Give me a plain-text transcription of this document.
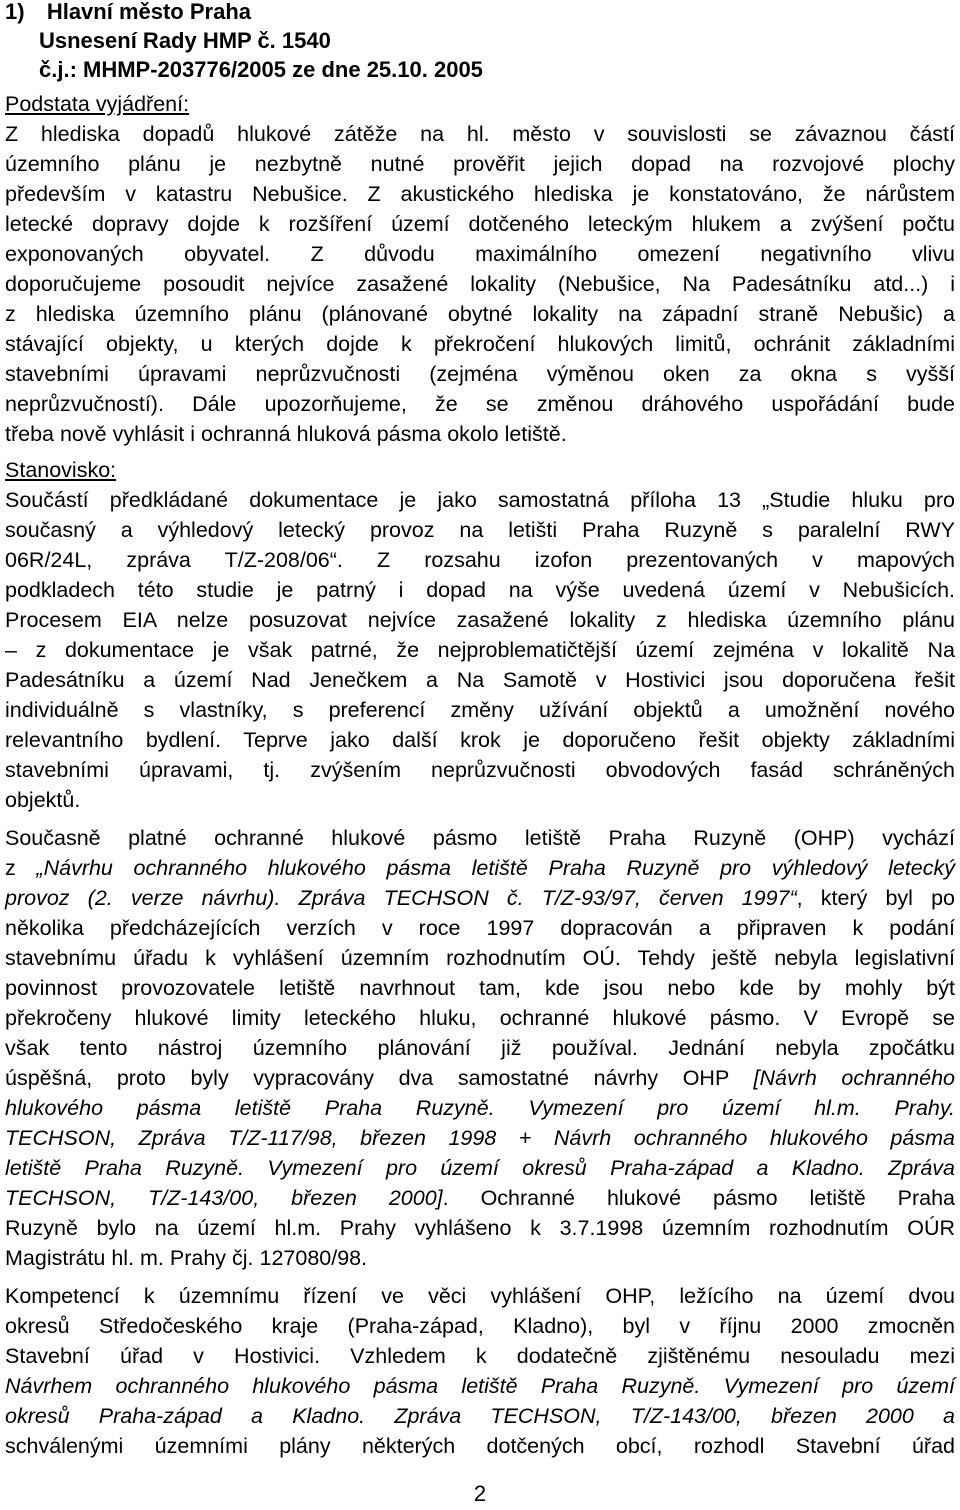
1) Hlavní město Praha
Usnesení Rady HMP č. 1540
č.j.: MHMP-203776/2005 ze dne 25.10. 2005
Podstata vyjádření:
Z hlediska dopadů hlukové zátěže na hl. město v souvislosti se závaznou částí
územního plánu je nezbytně nutné prověřit jejich dopad na rozvojové plochy
především v katastru Nebušice. Z akustického hlediska je konstatováno, že nárůstem
letecké dopravy dojde k rozšíření území dotčeného leteckým hlukem a zvýšení počtu
exponovaných obyvatel. Z důvodu maximálního omezení negativního vlivu
doporučujeme posoudit nejvíce zasažené lokality (Nebušice, Na Padesátníku atd...) i
z hlediska územního plánu (plánované obytné lokality na západní straně Nebušic) a
stávající objekty, u kterých dojde k překročení hlukových limitů, ochránit základními
stavebními úpravami neprůzvučnosti (zejména výměnou oken za okna s vyšší
neprůzvučností). Dále upozorňujeme, že se změnou dráhového uspořádání bude
třeba nově vyhlásit i ochranná hluková pásma okolo letiště.
Stanovisko:
Součástí předkládané dokumentace je jako samostatná příloha 13 „Studie hluku pro
současný a výhledový letecký provoz na letišti Praha Ruzyně s paralelní RWY
06R/24L, zpráva T/Z-208/06“. Z rozsahu izofon prezentovaných v mapových
podkladech této studie je patrný i dopad na výše uvedená území v Nebušicích.
Procesem EIA nelze posuzovat nejvíce zasažené lokality z hlediska územního plánu
– z dokumentace je však patrné, že nejproblematičtější území zejména v lokalitě Na
Padesátníku a území Nad Jenečkem a Na Samotě v Hostivici jsou doporučena řešit
individuálně s vlastníky, s preferencí změny užívání objektů a umožnění nového
relevantního bydlení. Teprve jako další krok je doporučeno řešit objekty základními
stavebními úpravami, tj. zvýšením neprůzvučnosti obvodových fasád schráněných
objektů.
Současně platné ochranné hlukové pásmo letiště Praha Ruzyně (OHP) vychází
z „Návrhu ochranného hlukového pásma letiště Praha Ruzyně pro výhledový letecký
provoz (2. verze návrhu). Zpráva TECHSON č. T/Z-93/97, červen 1997“, který byl po
několika předcházejících verzích v roce 1997 dopracován a připraven k podání
stavebnímu úřadu k vyhlášení územním rozhodnutím OÚ. Tehdy ještě nebyla legislativní
povinnost provozovatele letiště navrhnout tam, kde jsou nebo kde by mohly být
překročeny hlukové limity leteckého hluku, ochranné hlukové pásmo. V Evropě se
však tento nástroj územního plánování již používal. Jednání nebyla zpočátku
úspěšná, proto byly vypracovány dva samostatné návrhy OHP [Návrh ochranného
hlukového pásma letiště Praha Ruzyně. Vymezení pro území hl.m. Prahy.
TECHSON, Zpráva T/Z-117/98, březen 1998 + Návrh ochranného hlukového pásma
letiště Praha Ruzyně. Vymezení pro území okresů Praha-západ a Kladno. Zpráva
TECHSON, T/Z-143/00, březen 2000]. Ochranné hlukové pásmo letiště Praha
Ruzyně bylo na území hl.m. Prahy vyhlášeno k 3.7.1998 územním rozhodnutím OÚR
Magistrátu hl. m. Prahy čj. 127080/98.
Kompetencí k územnímu řízení ve věci vyhlášení OHP, ležícího na území dvou
okresů Středočeského kraje (Praha-západ, Kladno), byl v říjnu 2000 zmocněn
Stavební úřad v Hostivici. Vzhledem k dodatečně zjištěnému nesouladu mezi
Návrhem ochranného hlukového pásma letiště Praha Ruzyně. Vymezení pro území
okresů Praha-západ a Kladno. Zpráva TECHSON, T/Z-143/00, březen 2000 a
schválenými územními plány některých dotčených obcí, rozhodl Stavební úřad
2
